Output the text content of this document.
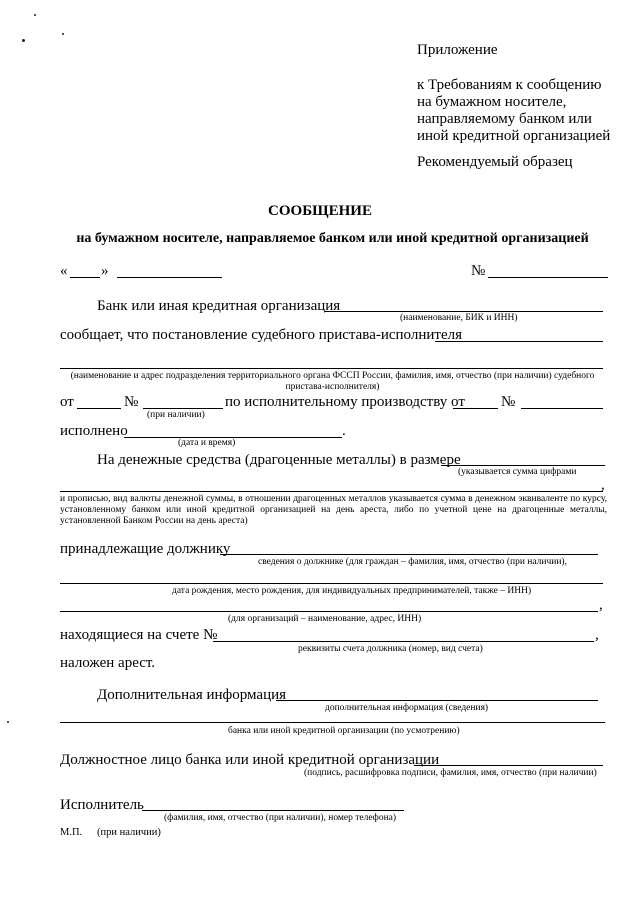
Приложение
к Требованиям к сообщению
на бумажном носителе,
направляемому банком или
иной кредитной организацией
Рекомендуемый образец
СООБЩЕНИЕ
на бумажном носителе, направляемое банком или иной кредитной организацией
« »	№
Банк или иная кредитная организация
(наименование, БИК и ИНН)
сообщает, что постановление судебного пристава-исполнителя
(наименование и адрес подразделения территориального органа ФССП России, фамилия, имя, отчество (при наличии) судебного пристава-исполнителя)
от	№
(при наличии)
по исполнительному производству от №
исполнено	.
(дата и время)
На денежные средства (драгоценные металлы) в размере
(указывается сумма цифрами
,
и прописью, вид валюты денежной суммы, в отношении драгоценных металлов указывается сумма в денежном эквиваленте по курсу, установленному банком или иной кредитной организацией на день ареста, либо по учетной цене на драгоценные металлы, установленной Банком России на день ареста)
принадлежащие должнику
сведения о должнике (для граждан – фамилия, имя, отчество (при наличии),
дата рождения, место рождения, для индивидуальных предпринимателей, также – ИНН)
,
(для организаций – наименование, адрес, ИНН)
находящиеся на счете №	,
реквизиты счета должника (номер, вид счета)
наложен арест.
Дополнительная информация
дополнительная информация (сведения)
банка или иной кредитной организации (по усмотрению)
Должностное лицо банка или иной кредитной организации
(подпись, расшифровка подписи, фамилия, имя, отчество (при наличии)
Исполнитель
(фамилия, имя, отчество (при наличии), номер телефона)
М.П. (при наличии)
